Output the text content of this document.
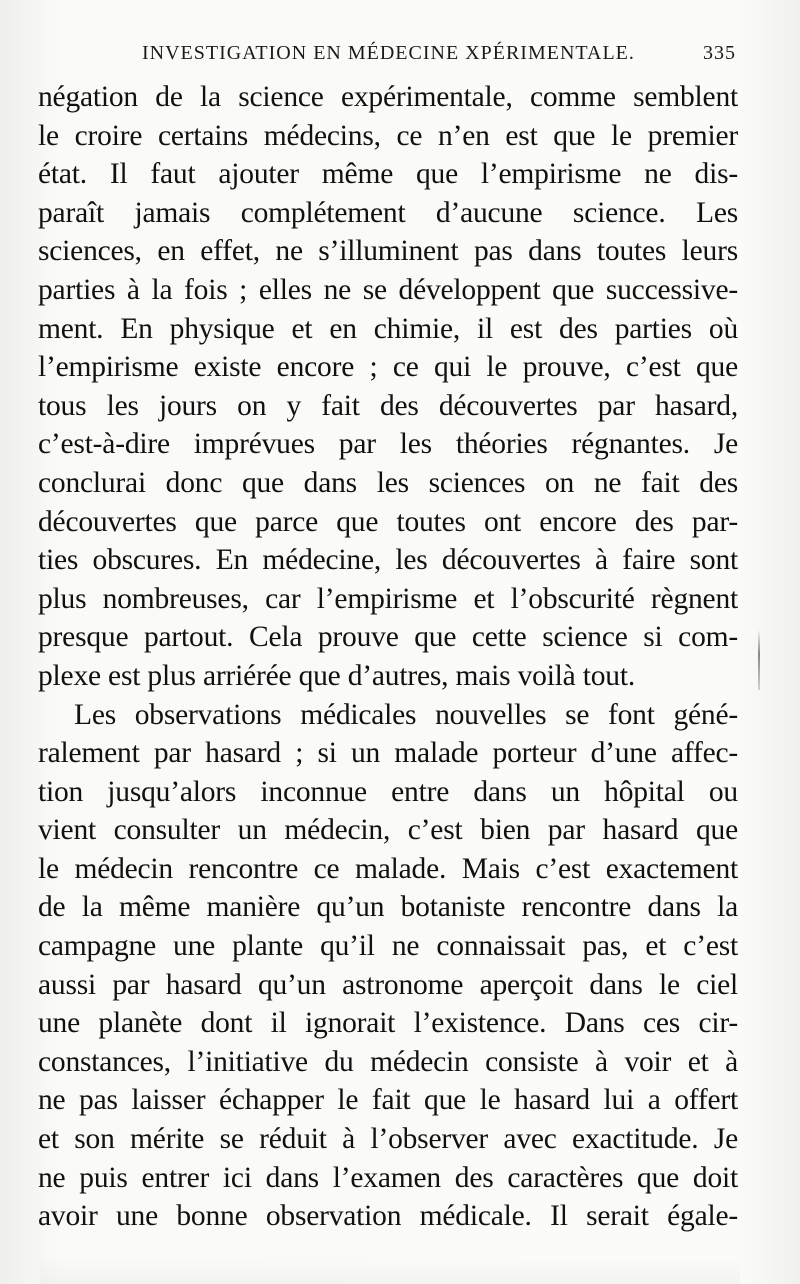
INVESTIGATION EN MÉDECINE XPÉRIMENTALE.	335
négation de la science expérimentale, comme semblent
le croire certains médecins, ce n’en est que le premier
état. Il faut ajouter même que l’empirisme ne dis-
paraît jamais complétement d’aucune science. Les
sciences, en effet, ne s’illuminent pas dans toutes leurs
parties à la fois ; elles ne se développent que successive-
ment. En physique et en chimie, il est des parties où
l’empirisme existe encore ; ce qui le prouve, c’est que
tous les jours on y fait des découvertes par hasard,
c’est-à-dire imprévues par les théories régnantes. Je
conclurai donc que dans les sciences on ne fait des
découvertes que parce que toutes ont encore des par-
ties obscures. En médecine, les découvertes à faire sont
plus nombreuses, car l’empirisme et l’obscurité règnent
presque partout. Cela prouve que cette science si com-
plexe est plus arriérée que d’autres, mais voilà tout.
Les observations médicales nouvelles se font géné-
ralement par hasard ; si un malade porteur d’une affec-
tion jusqu’alors inconnue entre dans un hôpital ou
vient consulter un médecin, c’est bien par hasard que
le médecin rencontre ce malade. Mais c’est exactement
de la même manière qu’un botaniste rencontre dans la
campagne une plante qu’il ne connaissait pas, et c’est
aussi par hasard qu’un astronome aperçoit dans le ciel
une planète dont il ignorait l’existence. Dans ces cir-
constances, l’initiative du médecin consiste à voir et à
ne pas laisser échapper le fait que le hasard lui a offert
et son mérite se réduit à l’observer avec exactitude. Je
ne puis entrer ici dans l’examen des caractères que doit
avoir une bonne observation médicale. Il serait égale-
